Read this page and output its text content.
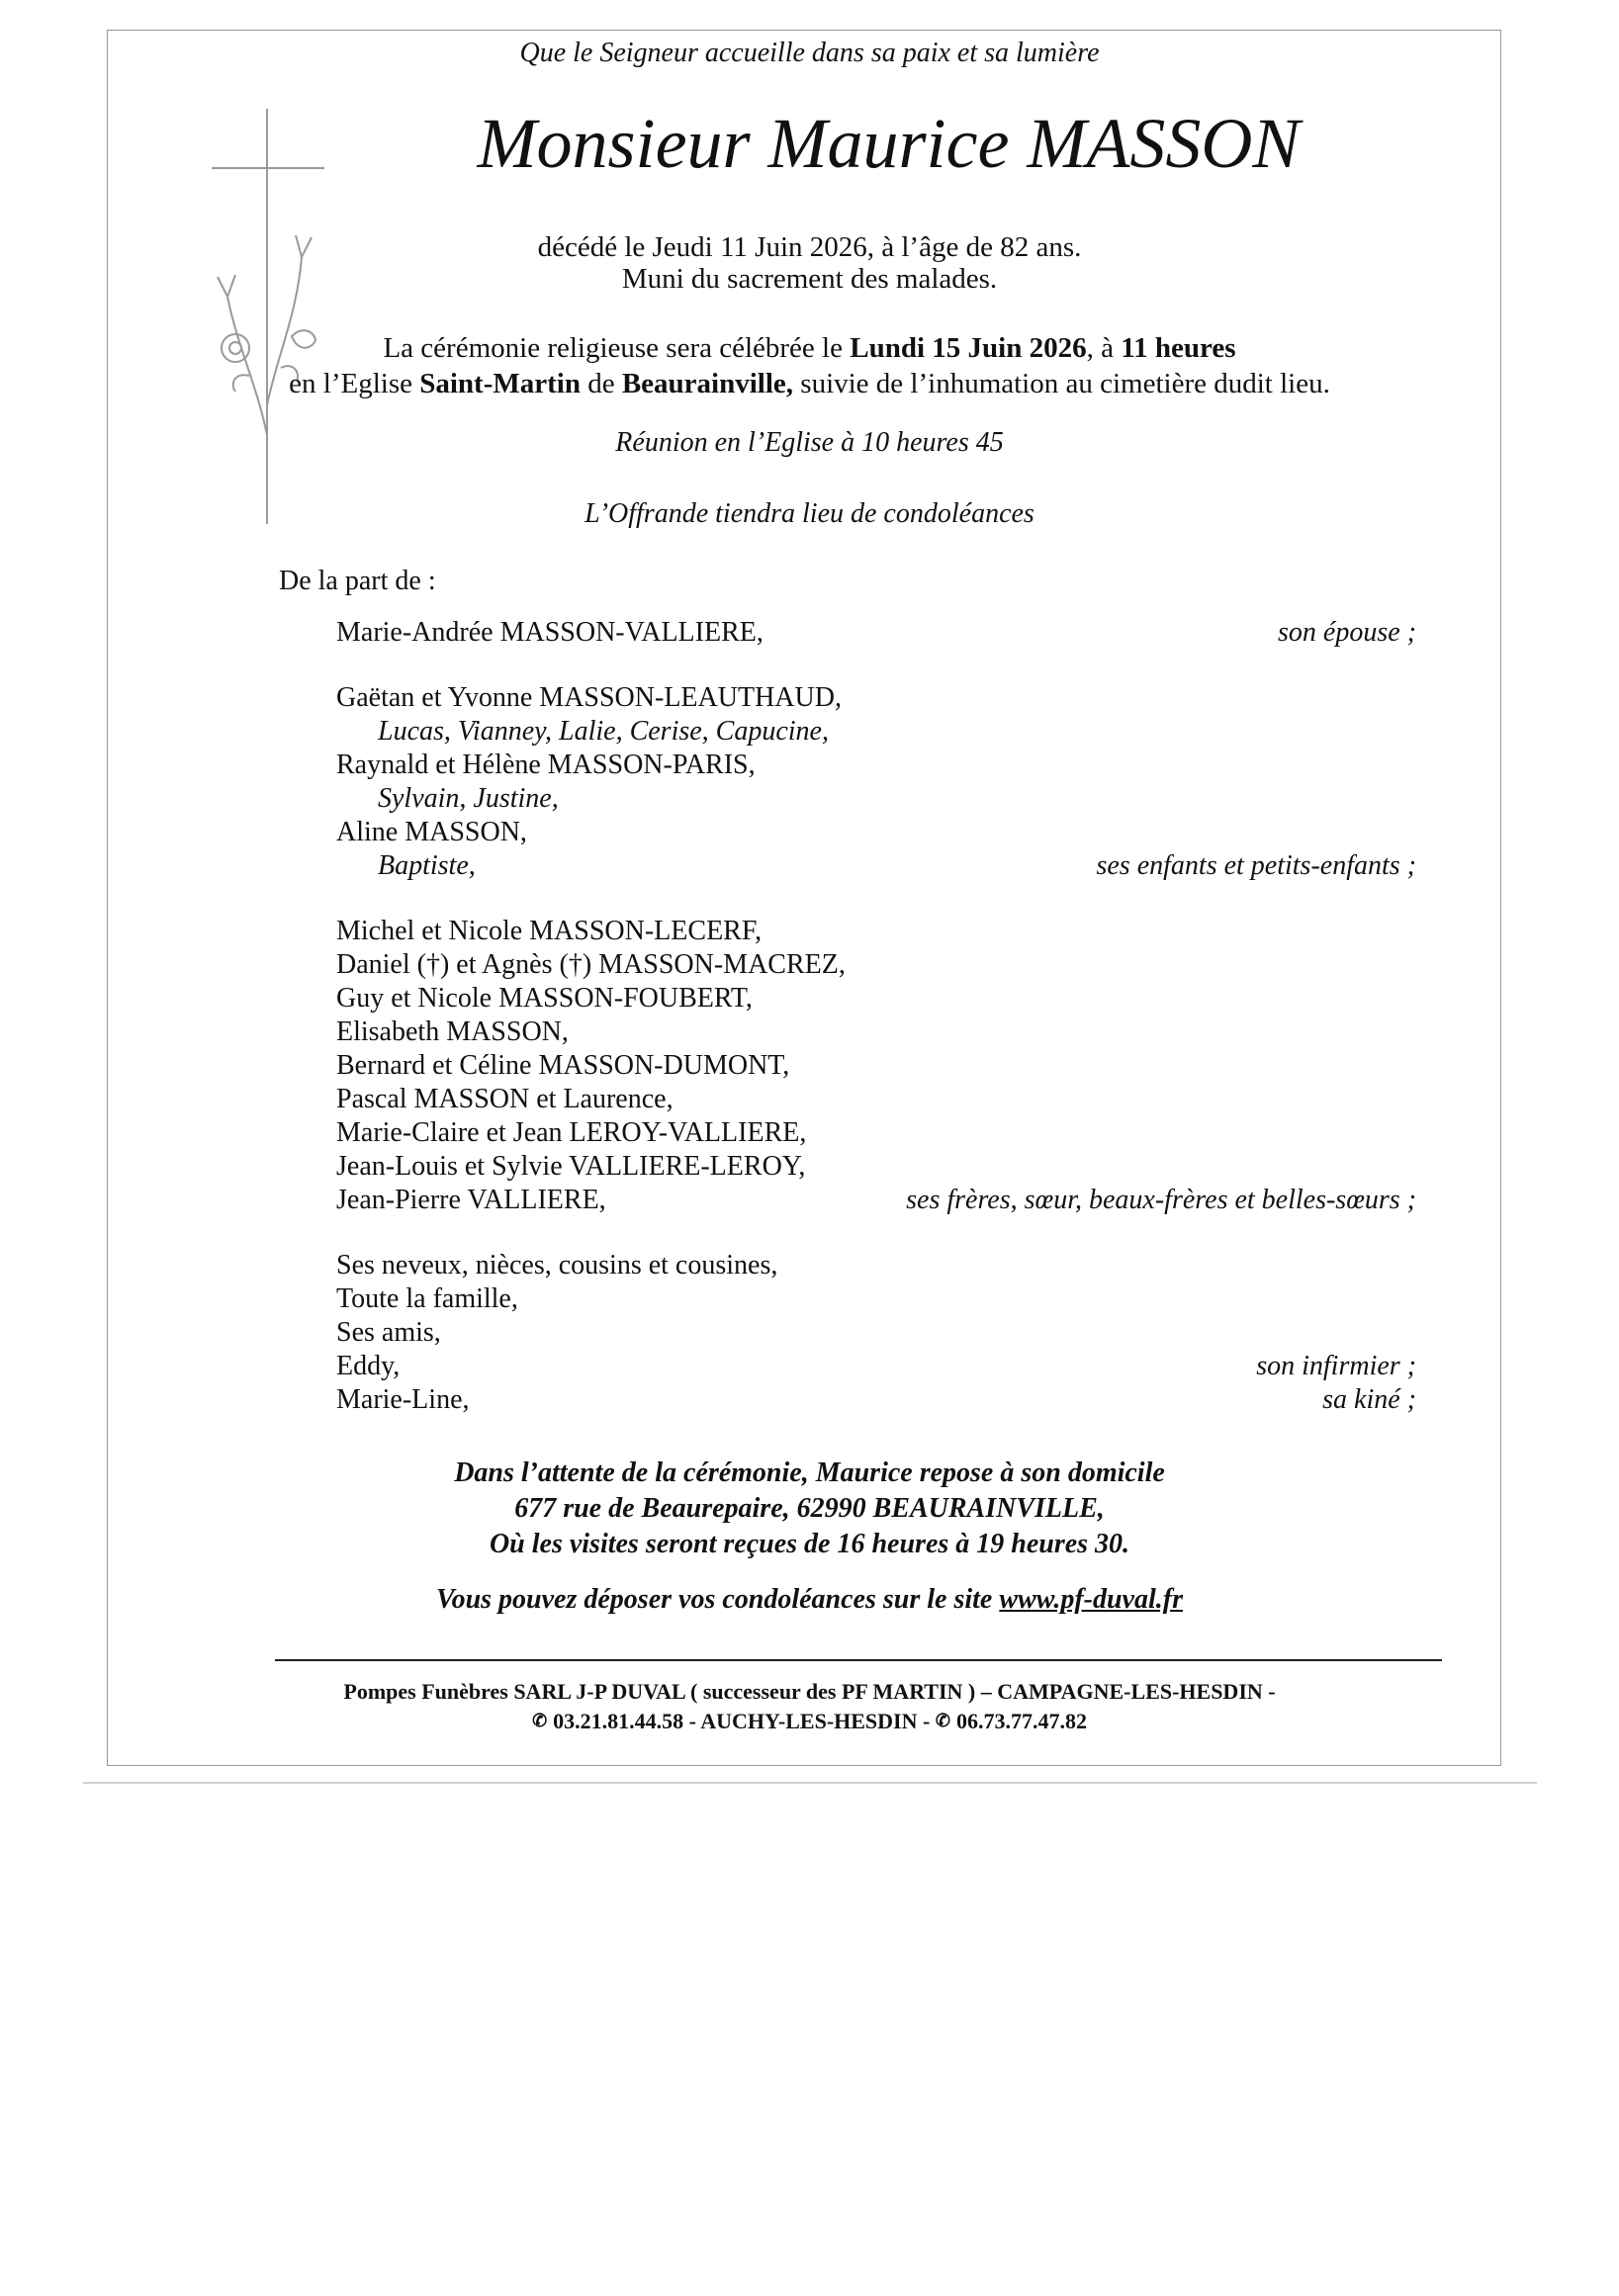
Que le Seigneur accueille dans sa paix et sa lumière
Monsieur Maurice MASSON
décédé le Jeudi 11 Juin 2026, à l’âge de 82 ans.
Muni du sacrement des malades.
La cérémonie religieuse sera célébrée le Lundi 15 Juin 2026, à 11 heures
en l’Eglise Saint-Martin de Beaurainville, suivie de l’inhumation au cimetière dudit lieu.
Réunion en l’Eglise à 10 heures 45
L’Offrande tiendra lieu de condoléances
De la part de :
Marie-Andrée MASSON-VALLIERE,	son épouse ;
Gaëtan et Yvonne MASSON-LEAUTHAUD,
Lucas, Vianney, Lalie, Cerise, Capucine,
Raynald et Hélène MASSON-PARIS,
Sylvain, Justine,
Aline MASSON,
Baptiste,	ses enfants et petits-enfants ;
Michel et Nicole MASSON-LECERF,
Daniel (†) et Agnès (†) MASSON-MACREZ,
Guy et Nicole MASSON-FOUBERT,
Elisabeth MASSON,
Bernard et Céline MASSON-DUMONT,
Pascal MASSON et Laurence,
Marie-Claire et Jean LEROY-VALLIERE,
Jean-Louis et Sylvie VALLIERE-LEROY,
Jean-Pierre VALLIERE,	ses frères, sœur, beaux-frères et belles-sœurs ;
Ses neveux, nièces, cousins et cousines,
Toute la famille,
Ses amis,
Eddy,	son infirmier ;
Marie-Line,	sa kiné ;
Dans l’attente de la cérémonie, Maurice repose à son domicile
677 rue de Beaurepaire, 62990 BEAURAINVILLE,
Où les visites seront reçues de 16 heures à 19 heures 30.
Vous pouvez déposer vos condoléances sur le site www.pf-duval.fr
Pompes Funèbres SARL J-P DUVAL ( successeur des PF MARTIN ) – CAMPAGNE-LES-HESDIN -
✆ 03.21.81.44.58 - AUCHY-LES-HESDIN - ✆ 06.73.77.47.82
